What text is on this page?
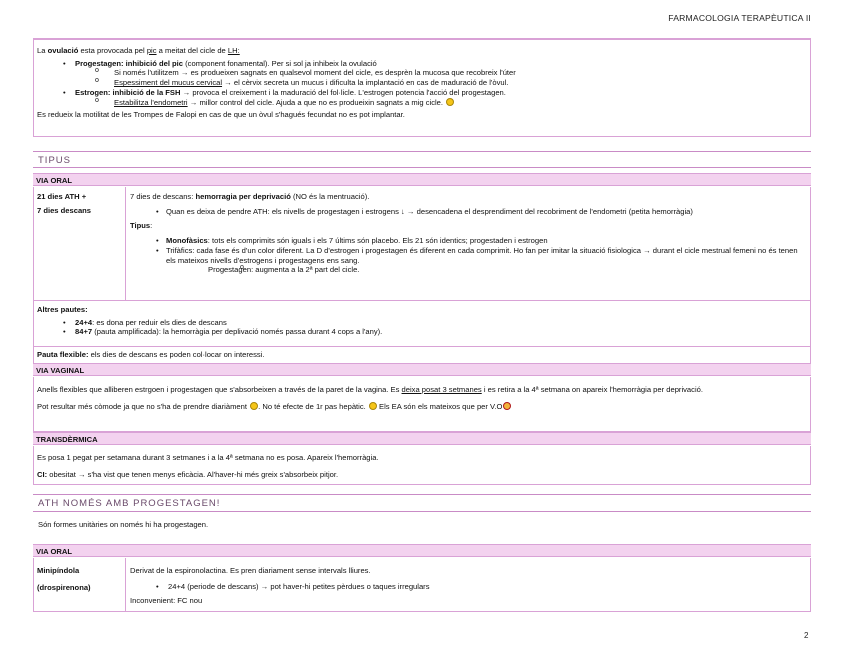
FARMACOLOGIA TERAPÈUTICA II
La ovulació esta provocada pel pic a meitat del cicle de LH:
• Progestagen: inhibició del pic (component fonamental). Per si sol ja inhibeix la ovulació
o Si només l'utilitzem → es produeixen sagnats en qualsevol moment del cicle, es desprèn la mucosa que recobreix l'úter
o Espessiment del mucus cervical → el cèrvix secreta un mucus i dificulta la implantació en cas de maduració de l'òvul.
• Estrogen: inhibició de la FSH → provoca el creixement i la maduració del fol·licle. L'estrogen potencia l'acció del progestagen.
o Estabilitza l'endometri → millor control del cicle. Ajuda a que no es produeixin sagnats a mig cicle.
Es redueix la motilitat de les Trompes de Falopi en cas de que un òvul s'hagués fecundat no es pot implantar.
TIPUS
VIA ORAL
21 dies ATH +
7 dies descans
7 dies de descans: hemorragia per deprivació (NO és la mentruació).
• Quan es deixa de pendre ATH: els nivells de progestagen i estrogens ↓ → desencadena el desprendiment del recobriment de l'endometri (petita hemorràgia)
Tipus:
• Monofàsics: tots els comprimits són iguals i els 7 últims són placebo. Els 21 són identics; progestaden i estrogen
• Trifàfics: cada fase és d'un color diferent. La D d'estrogen i progestagen és diferent en cada comprimit. Ho fan per imitar la situació fisiologica → durant el cicle mestrual femeni no és tenen els mateixos nivells d'estrogens i progestagens ens sang.
o Progestagen: augmenta a la 2ª part del cicle.
Altres pautes:
• 24+4: es dona per reduir els dies de descans
• 84+7 (pauta amplificada): la hemorràgia per deplivació només passa durant 4 cops a l'any).
Pauta flexible: els dies de descans es poden col·locar on interessi.
VIA VAGINAL
Anells flexibles que alliberen estrgoen i progestagen que s'absorbeixen a través de la paret de la vagina. Es deixa posat 3 setmanes i es retira a la 4ª setmana on apareix l'hemorràgia per deprivació.
Pot resultar més còmode ja que no s'ha de prendre diariàment . No té efecte de 1r pas hepàtic. Els EA són els mateixos que per V.O
TRANSDÈRMICA
Es posa 1 pegat per setamana durant 3 setmanes i a la 4ª setmana no es posa. Apareix l'hemorràgia.
CI: obesitat → s'ha vist que tenen menys eficàcia. Al'haver-hi més greix s'absorbeix pitjor.
ATH NOMÉS AMB PROGESTAGEN!
Són formes unitàries on només hi ha progestagen.
VIA ORAL
Minipíndola
(drospirenona)
Derivat de la espironolactina. Es pren diariament sense intervals lliures.
• 24+4 (periode de descans) → pot haver-hi petites pèrdues o taques irregulars
Inconvenient: FC nou
2
